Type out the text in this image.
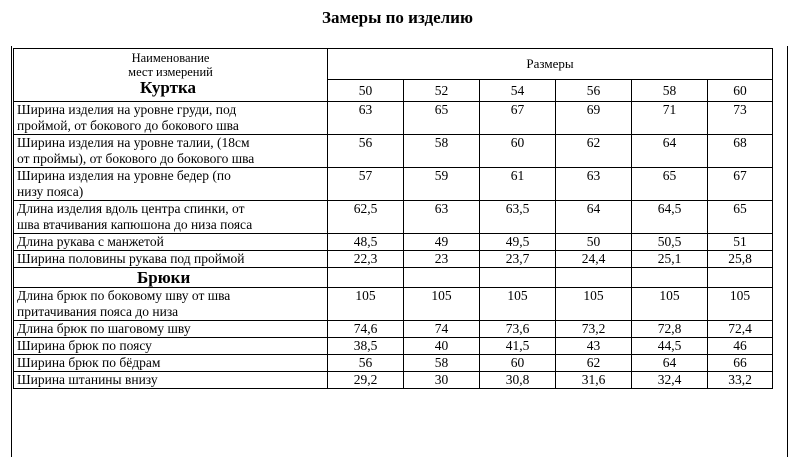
Замеры по изделию
Наименование
мест измерений
Куртка	Размеры					
	50	52	54	56	58	60

Ширина изделия на уровне груди, под
проймой, от бокового до бокового шва	63	65	67	69	71	73

Ширина изделия на уровне талии, (18см
от проймы), от бокового до бокового шва	56	58	60	62	64	68

Ширина изделия на уровне бедер (по
низу пояса)	57	59	61	63	65	67

Длина изделия вдоль центра спинки, от
шва втачивания капюшона до низа пояса	62,5	63	63,5	64	64,5	65

Длина рукава с манжетой	48,5	49	49,5	50	50,5	51

Ширина половины рукава под проймой	22,3	23	23,7	24,4	25,1	25,8
Брюки						

Длина брюк по боковому шву от шва
притачивания пояса до низа	105	105	105	105	105	105

Длина брюк по шаговому шву	74,6	74	73,6	73,2	72,8	72,4

Ширина брюк по поясу	38,5	40	41,5	43	44,5	46

Ширина брюк по бёдрам	56	58	60	62	64	66

Ширина штанины внизу	29,2	30	30,8	31,6	32,4	33,2
